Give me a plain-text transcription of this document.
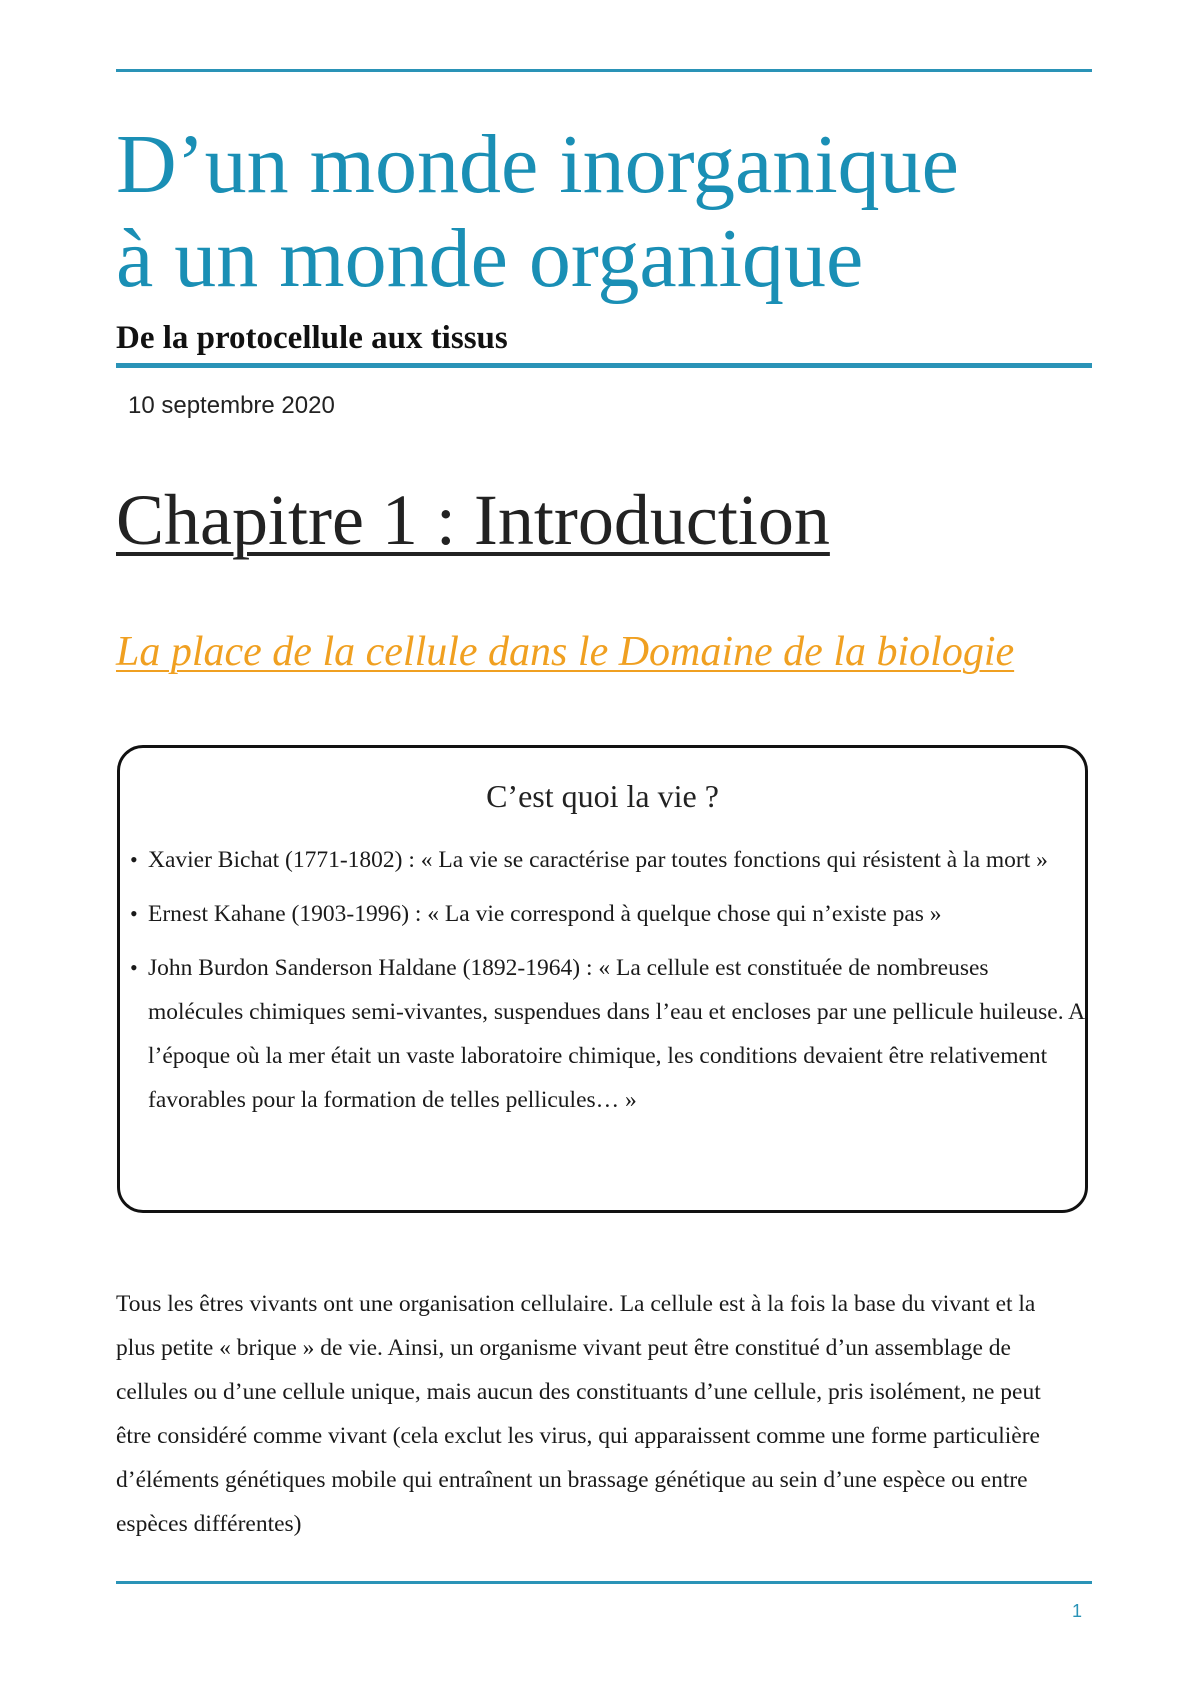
D’un monde inorganique
à un monde organique
De la protocellule aux tissus
10 septembre 2020
Chapitre 1 : Introduction
La place de la cellule dans le Domaine de la biologie
C’est quoi la vie ?
• Xavier Bichat (1771-1802) : « La vie se caractérise par toutes fonctions qui résistent à la mort »
• Ernest Kahane (1903-1996) : « La vie correspond à quelque chose qui n’existe pas »
• John Burdon Sanderson Haldane (1892-1964) : « La cellule est constituée de nombreuses molécules chimiques semi-vivantes, suspendues dans l’eau et encloses par une pellicule huileuse. A l’époque où la mer était un vaste laboratoire chimique, les conditions devaient être relativement favorables pour la formation de telles pellicules… »

Tous les êtres vivants ont une organisation cellulaire. La cellule est à la fois la base du vivant et la plus petite « brique » de vie. Ainsi, un organisme vivant peut être constitué d’un assemblage de cellules ou d’une cellule unique, mais aucun des constituants d’une cellule, pris isolément, ne peut être considéré comme vivant (cela exclut les virus, qui apparaissent comme une forme particulière d’éléments génétiques mobile qui entraînent un brassage génétique au sein d’une espèce ou entre espèces différentes)

1
